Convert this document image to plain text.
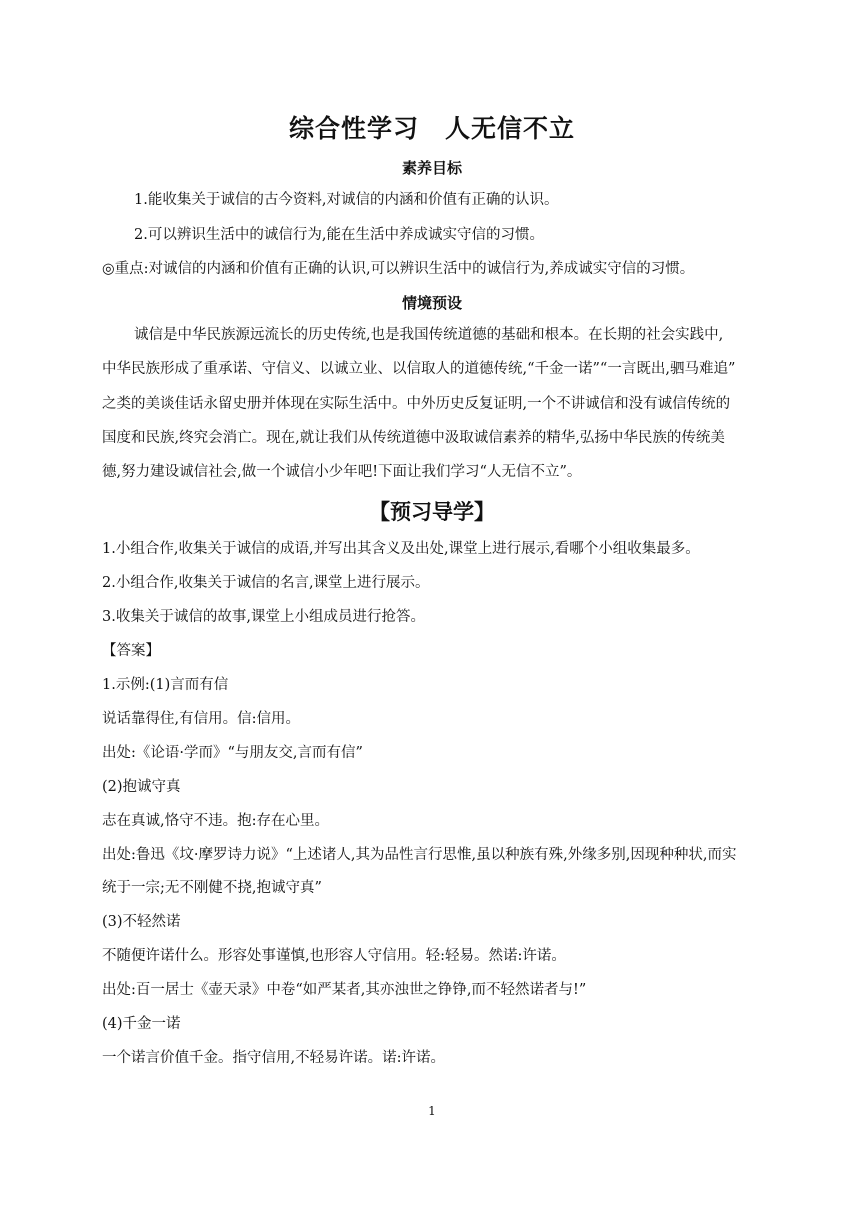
综合性学习　人无信不立
素养目标
1.能收集关于诚信的古今资料,对诚信的内涵和价值有正确的认识。
2.可以辨识生活中的诚信行为,能在生活中养成诚实守信的习惯。
◎重点:对诚信的内涵和价值有正确的认识,可以辨识生活中的诚信行为,养成诚实守信的习惯。
情境预设
诚信是中华民族源远流长的历史传统,也是我国传统道德的基础和根本。在长期的社会实践中,
中华民族形成了重承诺、守信义、以诚立业、以信取人的道德传统,“千金一诺”“一言既出,驷马难追”
之类的美谈佳话永留史册并体现在实际生活中。中外历史反复证明,一个不讲诚信和没有诚信传统的
国度和民族,终究会消亡。现在,就让我们从传统道德中汲取诚信素养的精华,弘扬中华民族的传统美
德,努力建设诚信社会,做一个诚信小少年吧!下面让我们学习“人无信不立”。
【预习导学】
1.小组合作,收集关于诚信的成语,并写出其含义及出处,课堂上进行展示,看哪个小组收集最多。
2.小组合作,收集关于诚信的名言,课堂上进行展示。
3.收集关于诚信的故事,课堂上小组成员进行抢答。
【答案】
1.示例:(1)言而有信
说话靠得住,有信用。信:信用。
出处:《论语·学而》“与朋友交,言而有信”
(2)抱诚守真
志在真诚,恪守不违。抱:存在心里。
出处:鲁迅《坟·摩罗诗力说》“上述诸人,其为品性言行思惟,虽以种族有殊,外缘多别,因现种种状,而实
统于一宗;无不刚健不挠,抱诚守真”
(3)不轻然诺
不随便许诺什么。形容处事谨慎,也形容人守信用。轻:轻易。然诺:许诺。
出处:百一居士《壶天录》中卷“如严某者,其亦浊世之铮铮,而不轻然诺者与!”
(4)千金一诺
一个诺言价值千金。指守信用,不轻易许诺。诺:许诺。
1
